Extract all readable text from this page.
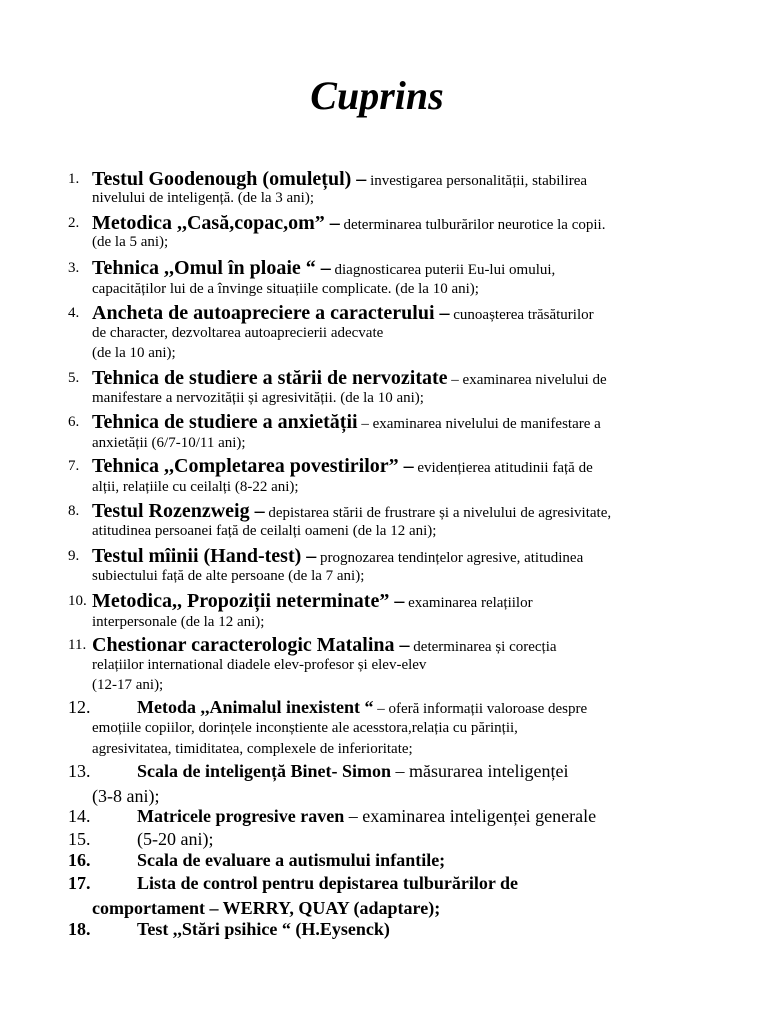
Cuprins
1. Testul Goodenough (omulețul) – investigarea personalității, stabilirea
nivelului de inteligență. (de la 3 ani);
2. Metodica ,,Casă,copac,om” – determinarea tulburărilor neurotice la copii.
(de la 5 ani);
3. Tehnica ,,Omul în ploaie “ – diagnosticarea puterii Eu-lui omului,
capacităților lui de a învinge situațiile complicate. (de la 10 ani);
4. Ancheta de autoapreciere a caracterului – cunoașterea trăsăturilor
de character, dezvoltarea autoaprecierii adecvate
(de la 10 ani);
5. Tehnica de studiere a stării de nervozitate – examinarea nivelului de
manifestare a nervozității și agresivității. (de la 10 ani);
6. Tehnica de studiere a anxietății – examinarea nivelului de manifestare a
anxietății (6/7-10/11 ani);
7. Tehnica ,,Completarea povestirilor” – evidențierea atitudinii față de
alții, relațiile cu ceilalți (8-22 ani);
8. Testul Rozenzweig – depistarea stării de frustrare și a nivelului de agresivitate,
atitudinea persoanei față de ceilalți oameni (de la 12 ani);
9. Testul mîinii (Hand-test) – prognozarea tendințelor agresive, atitudinea
subiectului față de alte persoane (de la 7 ani);
10. Metodica,, Propoziții neterminate” – examinarea relațiilor
interpersonale (de la 12 ani);
11. Chestionar caracterologic Matalina – determinarea și corecția
relațiilor international diadele elev-profesor și elev-elev
(12-17 ani);
12.	Metoda ,,Animalul inexistent “ – oferă informații valoroase despre
emoțiile copiilor, dorințele inconștiente ale acesstora,relația cu părinții,
agresivitatea, timiditatea, complexele de inferioritate;
13.	Scala de inteligență Binet- Simon – măsurarea inteligenței
(3-8 ani);
14.	Matricele progresive raven – examinarea inteligenței generale
15.	(5-20 ani);
16.	Scala de evaluare a autismului infantile;
17.	Lista de control pentru depistarea tulburărilor de
comportament – WERRY, QUAY (adaptare);
18.	Test ,,Stări psihice “ (H.Eysenck)
